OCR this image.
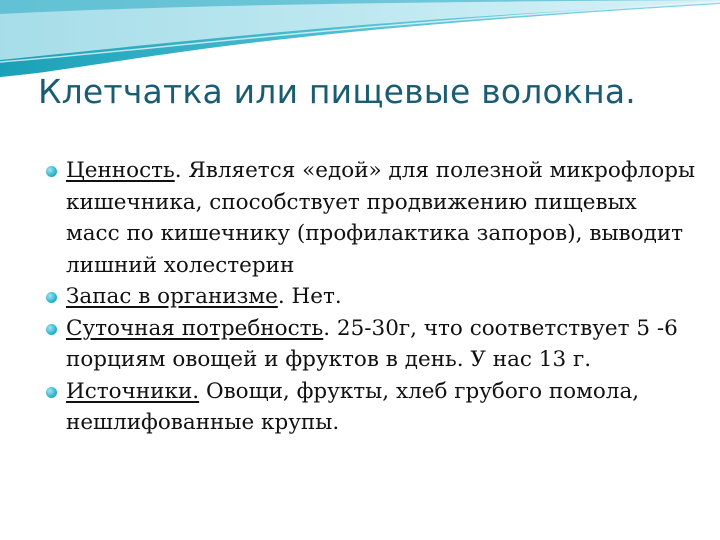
Клетчатка или пищевые волокна.
Ценность. Является «едой» для полезной микрофлоры кишечника, способствует продвижению пищевых масс по кишечнику (профилактика запоров), выводит лишний холестерин
Запас в организме. Нет.
Суточная потребность. 25-30г, что соответствует 5 -6 порциям овощей и фруктов в день. У нас 13 г.
Источники. Овощи, фрукты, хлеб грубого помола, нешлифованные крупы.
